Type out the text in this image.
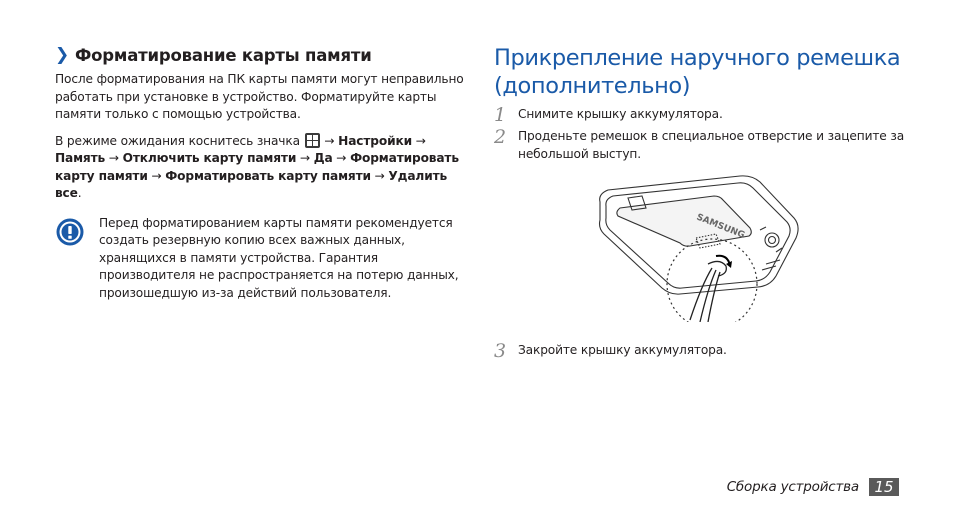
❯ Форматирование карты памяти

После форматирования на ПК карты памяти могут неправильно работать при установке в устройство. Форматируйте карты памяти только с помощью устройства.

В режиме ожидания коснитесь значка → Настройки → Память → Отключить карту памяти → Да → Форматировать карту памяти → Форматировать карту памяти → Удалить все.

Перед форматированием карты памяти рекомендуется создать резервную копию всех важных данных, хранящихся в памяти устройства. Гарантия производителя не распространяется на потерю данных, произошедшую из-за действий пользователя.
Прикрепление наручного ремешка
(дополнительно)
1 Снимите крышку аккумулятора.
2 Проденьте ремешок в специальное отверстие и зацепите за небольшой выступ.
SAMSUNG
3 Закройте крышку аккумулятора.
Сборка устройства	15
